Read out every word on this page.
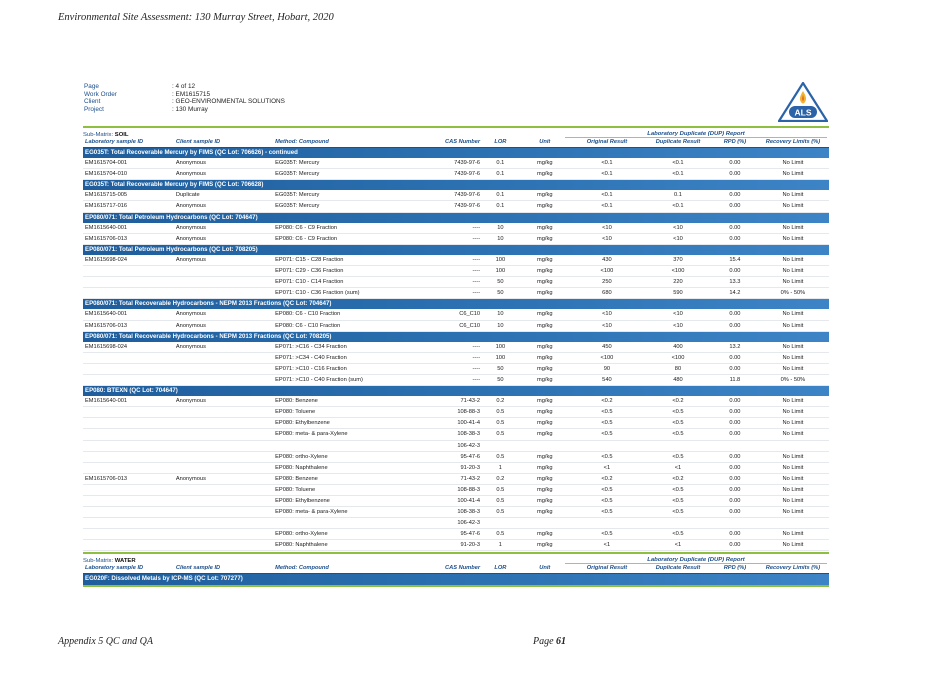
Environmental Site Assessment: 130 Murray Street, Hobart, 2020
Page	: 4 of 12
Work Order	: EM1615715
Client	: GEO-ENVIRONMENTAL SOLUTIONS
Project	: 130 Murray	ALS
Sub-Matrix: SOIL	Laboratory Duplicate (DUP) Report
Laboratory sample ID	Client sample ID	Method: Compound	CAS Number	LOR	Unit	Original Result	Duplicate Result	RPD (%)	Recovery Limits (%)
EG035T: Total Recoverable Mercury by FIMS (QC Lot: 706626) - continued									
EM1615704-001	Anonymous	EG035T: Mercury	7439-97-6	0.1	mg/kg	<0.1	<0.1	0.00	No Limit
EM1615704-010	Anonymous	EG035T: Mercury	7439-97-6	0.1	mg/kg	<0.1	<0.1	0.00	No Limit
EG035T: Total Recoverable Mercury by FIMS (QC Lot: 706628)									
EM1615715-005	Duplicate	EG035T: Mercury	7439-97-6	0.1	mg/kg	<0.1	0.1	0.00	No Limit
EM1615717-016	Anonymous	EG035T: Mercury	7439-97-6	0.1	mg/kg	<0.1	<0.1	0.00	No Limit
EP080/071: Total Petroleum Hydrocarbons (QC Lot: 704647)									
EM1615640-001	Anonymous	EP080: C6 - C9 Fraction	----	10	mg/kg	<10	<10	0.00	No Limit
EM1615706-013	Anonymous	EP080: C6 - C9 Fraction	----	10	mg/kg	<10	<10	0.00	No Limit
EP080/071: Total Petroleum Hydrocarbons (QC Lot: 708205)									
EM1615698-024	Anonymous	EP071: C15 - C28 Fraction	----	100	mg/kg	430	370	15.4	No Limit
		EP071: C29 - C36 Fraction	----	100	mg/kg	<100	<100	0.00	No Limit
		EP071: C10 - C14 Fraction	----	50	mg/kg	250	220	13.3	No Limit
		EP071: C10 - C36 Fraction (sum)	----	50	mg/kg	680	590	14.2	0% - 50%
EP080/071: Total Recoverable Hydrocarbons - NEPM 2013 Fractions (QC Lot: 704647)									
EM1615640-001	Anonymous	EP080: C6 - C10 Fraction	C6_C10	10	mg/kg	<10	<10	0.00	No Limit
EM1615706-013	Anonymous	EP080: C6 - C10 Fraction	C6_C10	10	mg/kg	<10	<10	0.00	No Limit
EP080/071: Total Recoverable Hydrocarbons - NEPM 2013 Fractions (QC Lot: 708205)									
EM1615698-024	Anonymous	EP071: >C16 - C34 Fraction	----	100	mg/kg	450	400	13.2	No Limit
		EP071: >C34 - C40 Fraction	----	100	mg/kg	<100	<100	0.00	No Limit
		EP071: >C10 - C16 Fraction	----	50	mg/kg	90	80	0.00	No Limit
		EP071: >C10 - C40 Fraction (sum)	----	50	mg/kg	540	480	11.8	0% - 50%
EP080: BTEXN (QC Lot: 704647)									
EM1615640-001	Anonymous	EP080: Benzene	71-43-2	0.2	mg/kg	<0.2	<0.2	0.00	No Limit
		EP080: Toluene	108-88-3	0.5	mg/kg	<0.5	<0.5	0.00	No Limit
		EP080: Ethylbenzene	100-41-4	0.5	mg/kg	<0.5	<0.5	0.00	No Limit
		EP080: meta- & para-Xylene	108-38-3	0.5	mg/kg	<0.5	<0.5	0.00	No Limit
			106-42-3						
		EP080: ortho-Xylene	95-47-6	0.5	mg/kg	<0.5	<0.5	0.00	No Limit
		EP080: Naphthalene	91-20-3	1	mg/kg	<1	<1	0.00	No Limit
EM1615706-013	Anonymous	EP080: Benzene	71-43-2	0.2	mg/kg	<0.2	<0.2	0.00	No Limit
		EP080: Toluene	108-88-3	0.5	mg/kg	<0.5	<0.5	0.00	No Limit
		EP080: Ethylbenzene	100-41-4	0.5	mg/kg	<0.5	<0.5	0.00	No Limit
		EP080: meta- & para-Xylene	108-38-3	0.5	mg/kg	<0.5	<0.5	0.00	No Limit
			106-42-3						
		EP080: ortho-Xylene	95-47-6	0.5	mg/kg	<0.5	<0.5	0.00	No Limit
		EP080: Naphthalene	91-20-3	1	mg/kg	<1	<1	0.00	No Limit
Sub-Matrix: WATER	Laboratory Duplicate (DUP) Report
Laboratory sample ID	Client sample ID	Method: Compound	CAS Number	LOR	Unit	Original Result	Duplicate Result	RPD (%)	Recovery Limits (%)
EG020F: Dissolved Metals by ICP-MS (QC Lot: 707277)
Appendix 5 QC and QA	Page 61
